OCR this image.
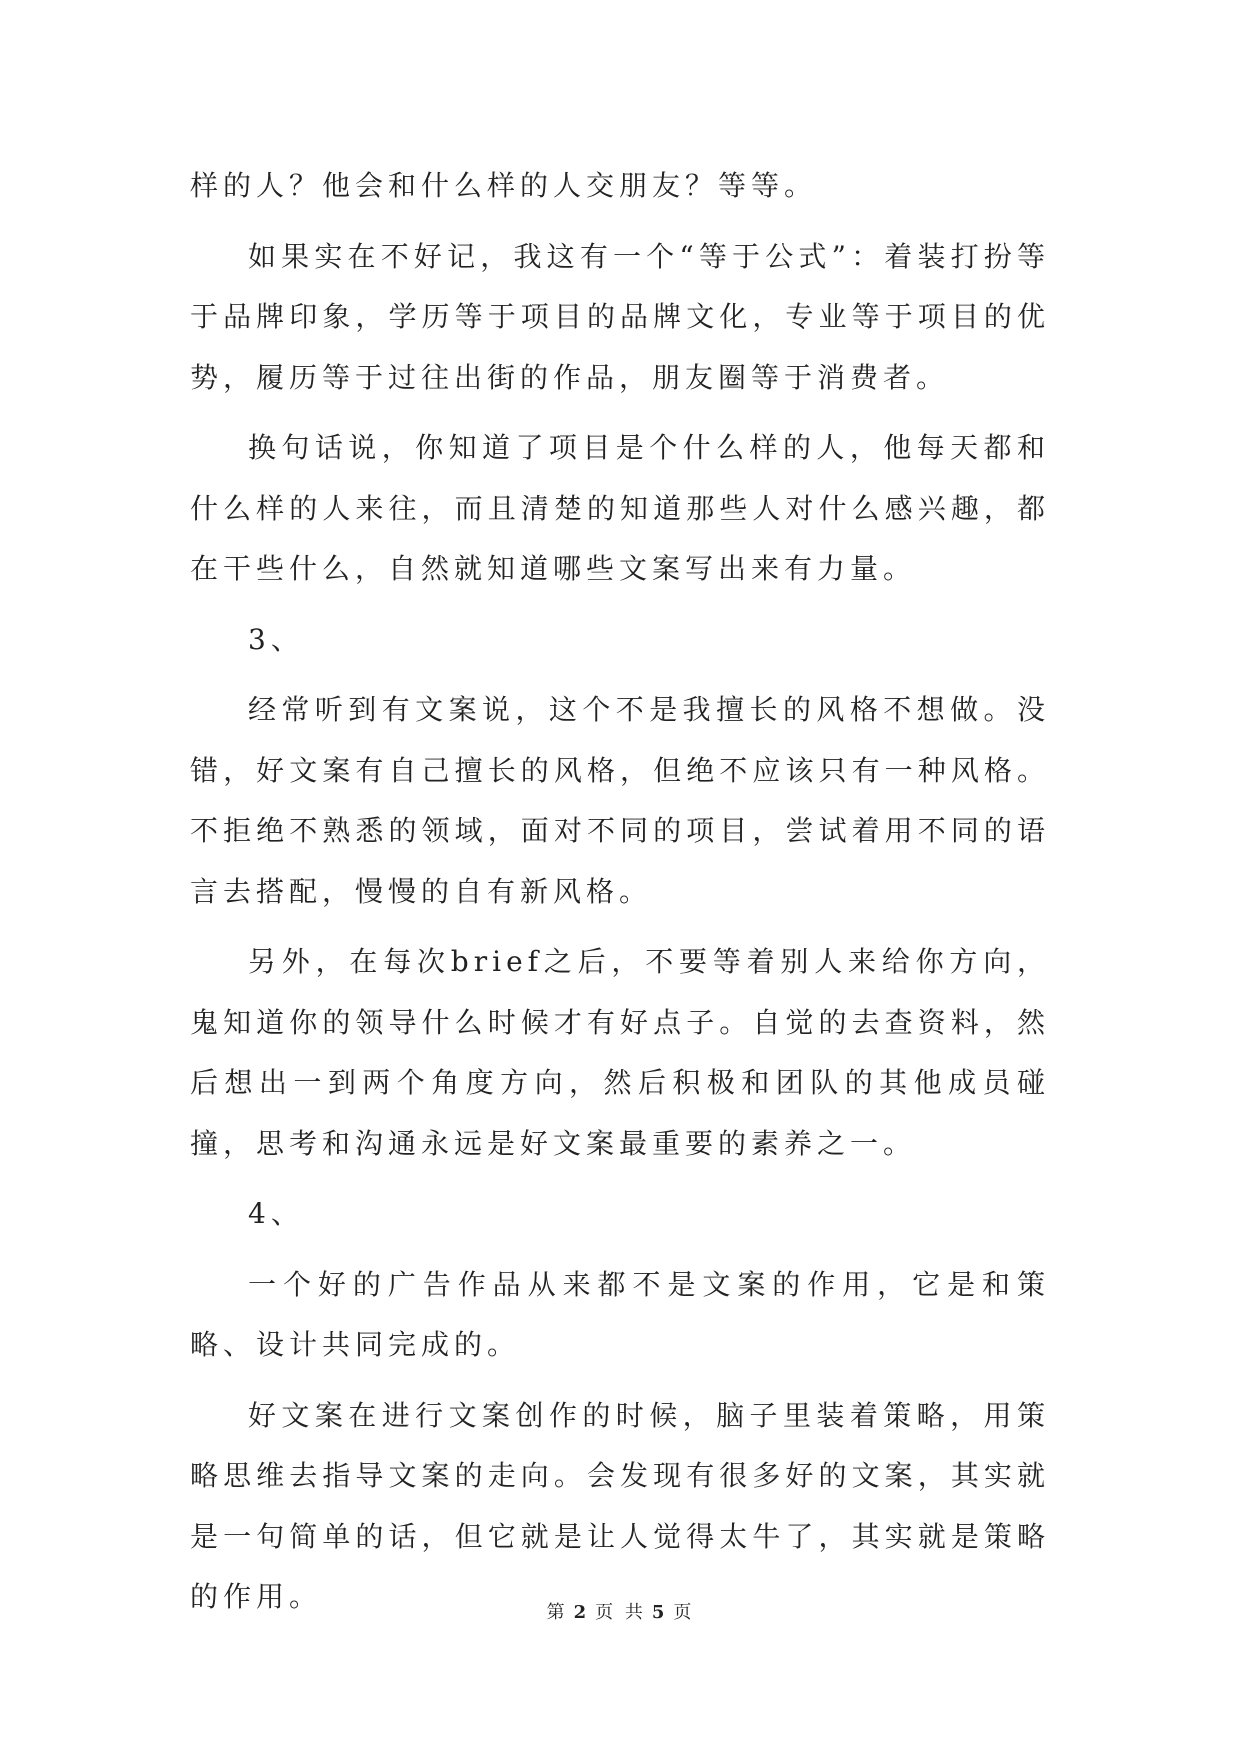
样的人？他会和什么样的人交朋友？等等。

如果实在不好记，我这有一个“等于公式”：着装打扮等于品牌印象，学历等于项目的品牌文化，专业等于项目的优势，履历等于过往出街的作品，朋友圈等于消费者。

换句话说，你知道了项目是个什么样的人，他每天都和什么样的人来往，而且清楚的知道那些人对什么感兴趣，都在干些什么，自然就知道哪些文案写出来有力量。

3、

经常听到有文案说，这个不是我擅长的风格不想做。没错，好文案有自己擅长的风格，但绝不应该只有一种风格。不拒绝不熟悉的领域，面对不同的项目，尝试着用不同的语言去搭配，慢慢的自有新风格。

另外，在每次brief之后，不要等着别人来给你方向，鬼知道你的领导什么时候才有好点子。自觉的去查资料，然后想出一到两个角度方向，然后积极和团队的其他成员碰撞，思考和沟通永远是好文案最重要的素养之一。

4、

一个好的广告作品从来都不是文案的作用，它是和策略、设计共同完成的。

好文案在进行文案创作的时候，脑子里装着策略，用策略思维去指导文案的走向。会发现有很多好的文案，其实就是一句简单的话，但它就是让人觉得太牛了，其实就是策略的作用。	第 2 页 共 5 页
